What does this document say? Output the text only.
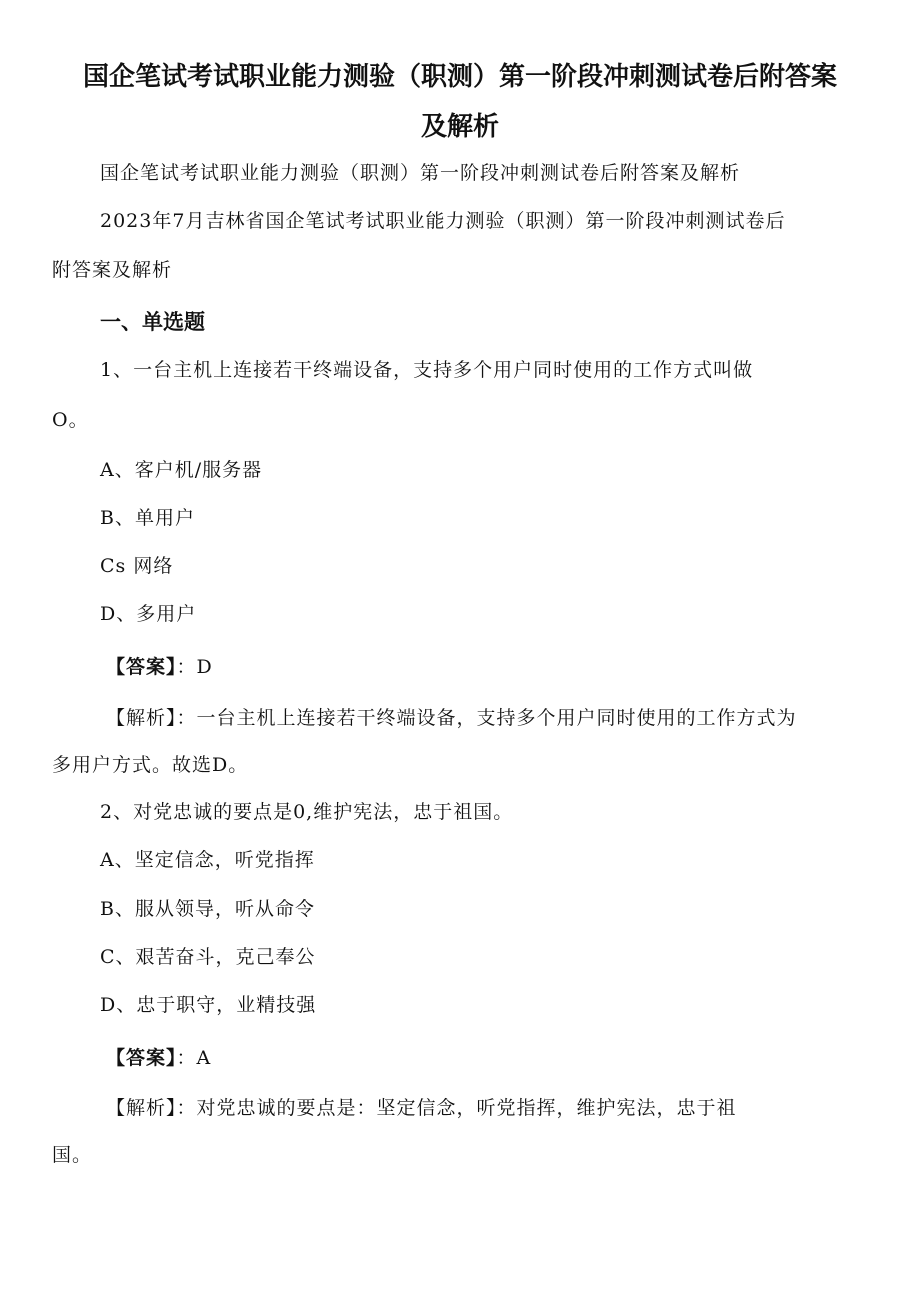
国企笔试考试职业能力测验（职测）第一阶段冲刺测试卷后附答案
及解析
国企笔试考试职业能力测验（职测）第一阶段冲刺测试卷后附答案及解析
2023年7月吉林省国企笔试考试职业能力测验（职测）第一阶段冲刺测试卷后
附答案及解析
一、单选题
1、一台主机上连接若干终端设备，支持多个用户同时使用的工作方式叫做
O。
A、客户机/服务器
B、单用户
Cs 网络
D、多用户
【答案】：D
【解析】：一台主机上连接若干终端设备，支持多个用户同时使用的工作方式为
多用户方式。故选D。
2、对党忠诚的要点是0,维护宪法，忠于祖国。
A、坚定信念，听党指挥
B、服从领导，听从命令
C、艰苦奋斗，克己奉公
D、忠于职守，业精技强
【答案】：A
【解析】：对党忠诚的要点是：坚定信念，听党指挥，维护宪法，忠于祖
国。
